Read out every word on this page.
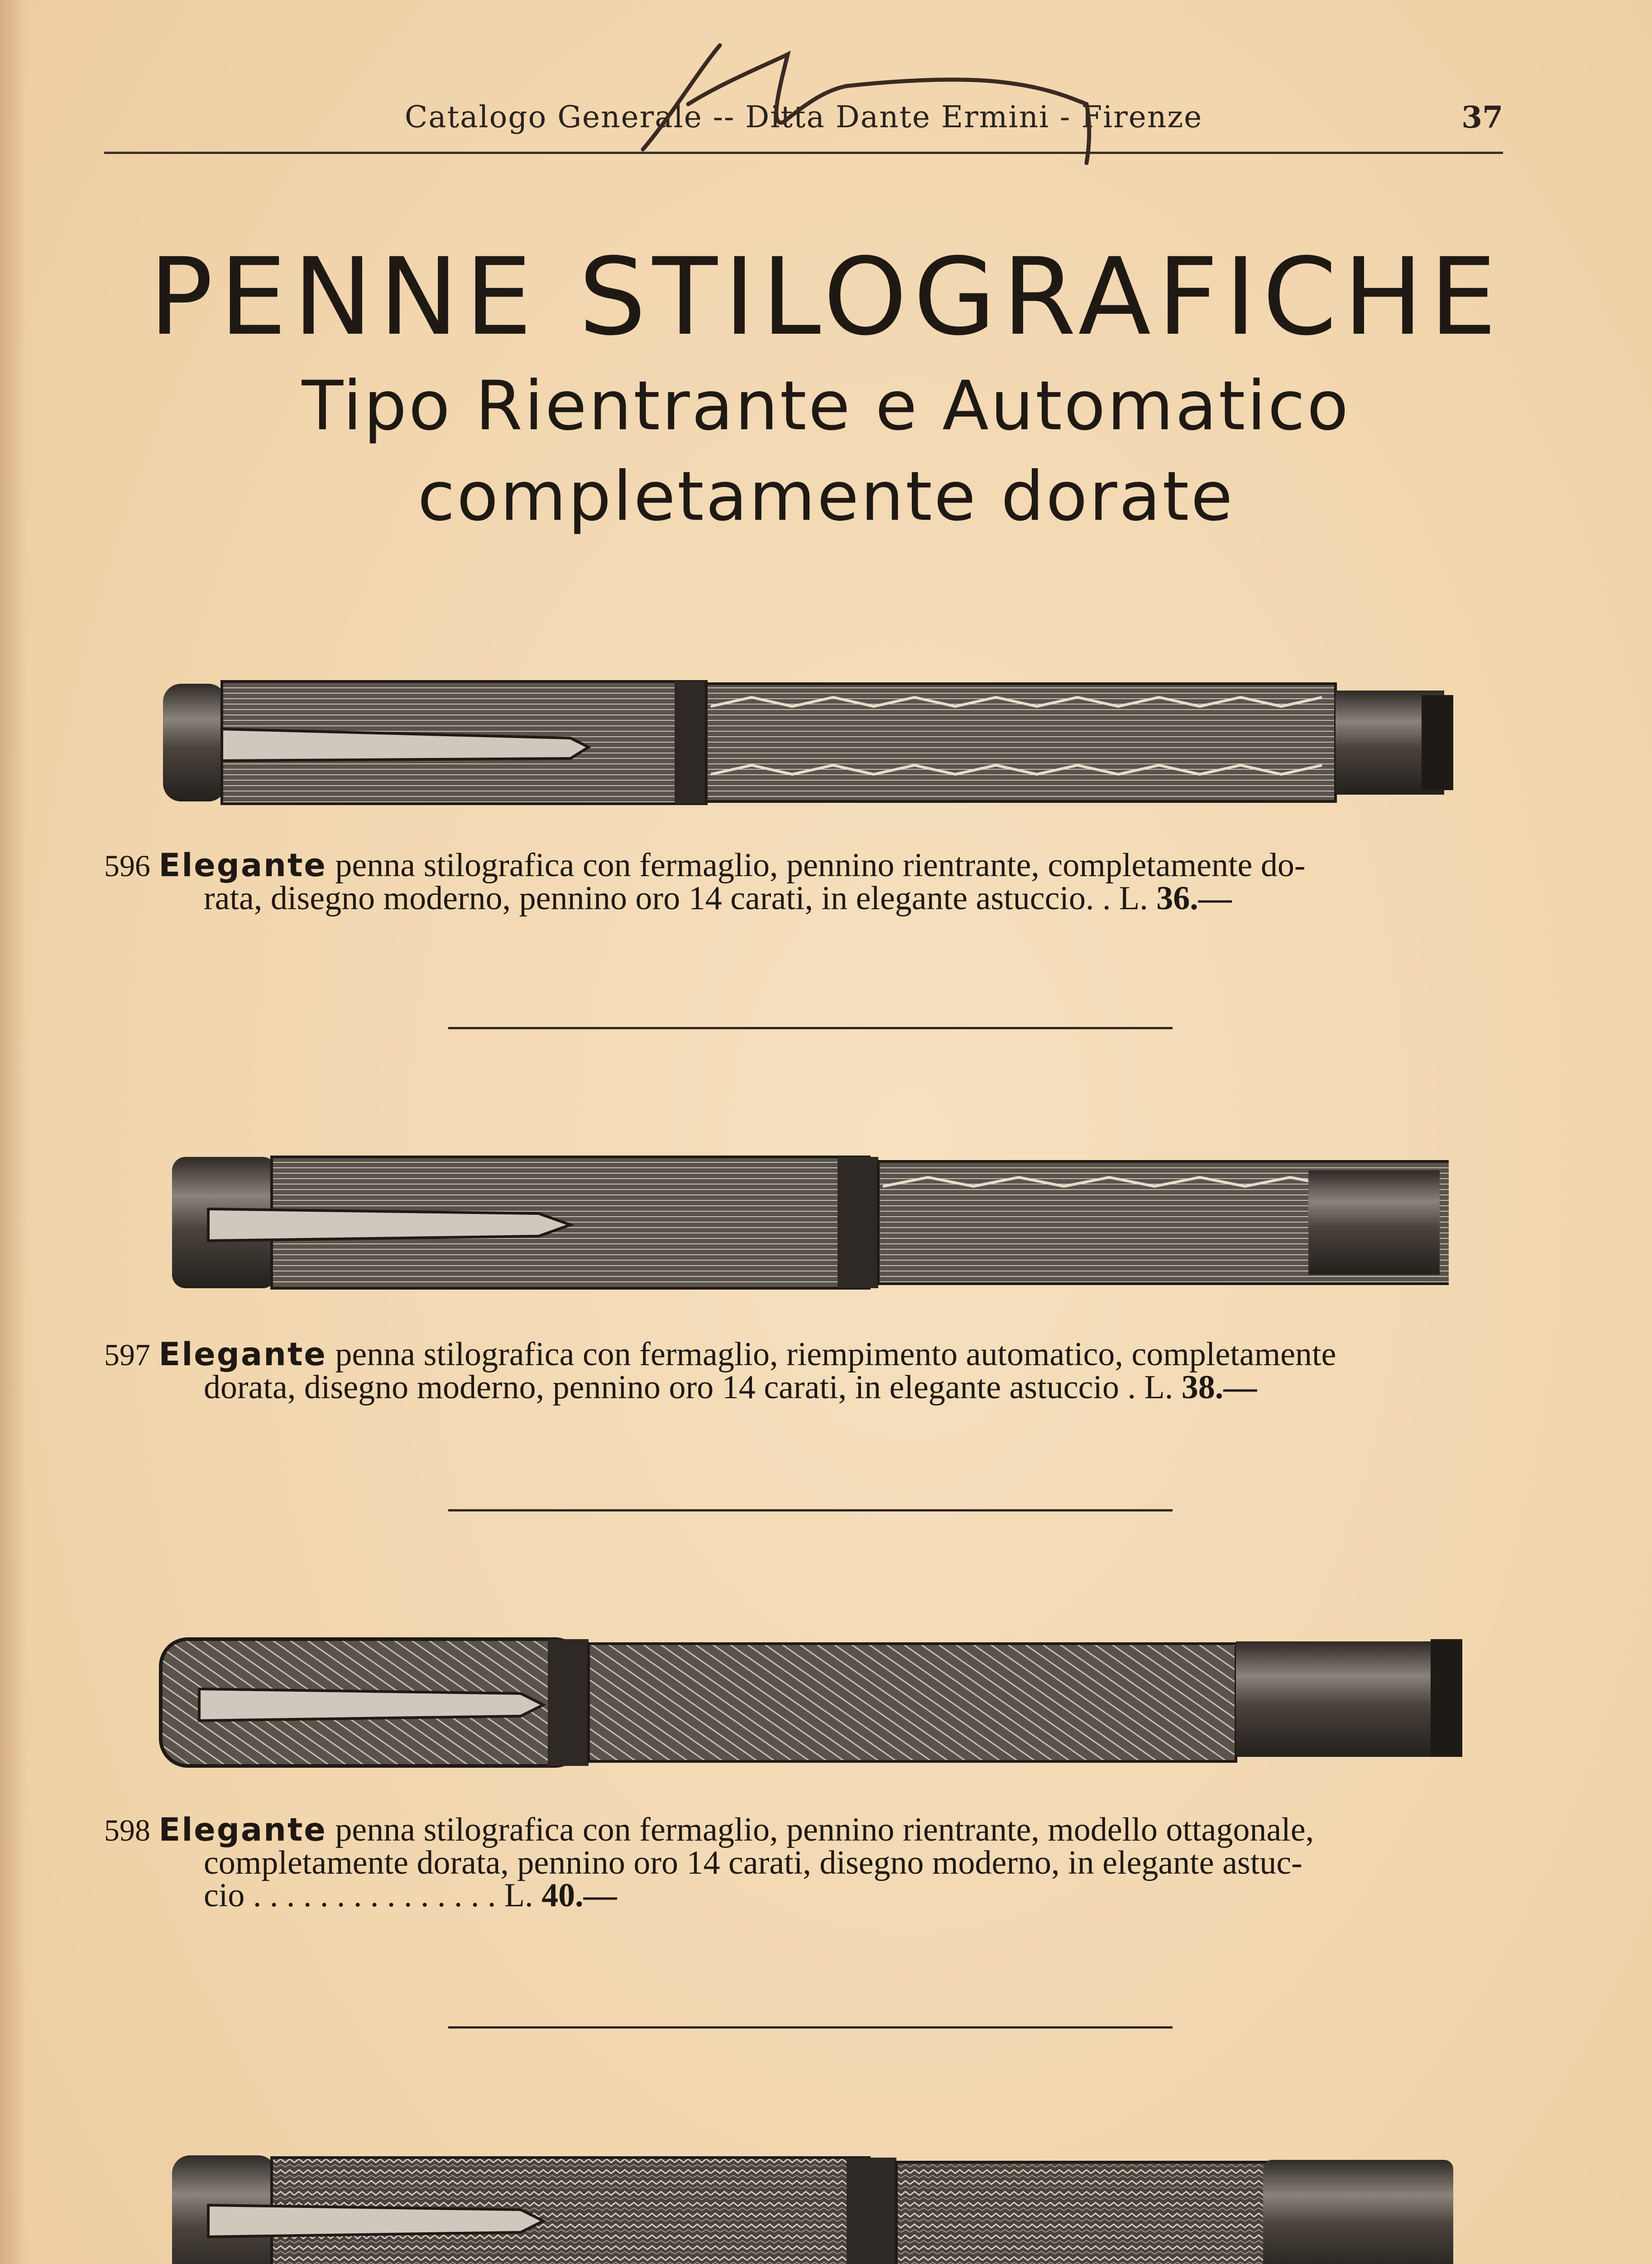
Catalogo Generale -- Ditta Dante Ermini - Firenze	37
PENNE STILOGRAFICHE
Tipo Rientrante e Automatico
completamente dorate
596 Elegante penna stilografica con fermaglio, pennino rientrante, completamente do-
rata, disegno moderno, pennino oro 14 carati, in elegante astuccio. . L. 36.—
597 Elegante penna stilografica con fermaglio, riempimento automatico, completamente
dorata, disegno moderno, pennino oro 14 carati, in elegante astuccio . L. 38.—
598 Elegante penna stilografica con fermaglio, pennino rientrante, modello ottagonale,
completamente dorata, pennino oro 14 carati, disegno moderno, in elegante astuc-
cio . . . . . . . . . . . . . . . L. 40.—
